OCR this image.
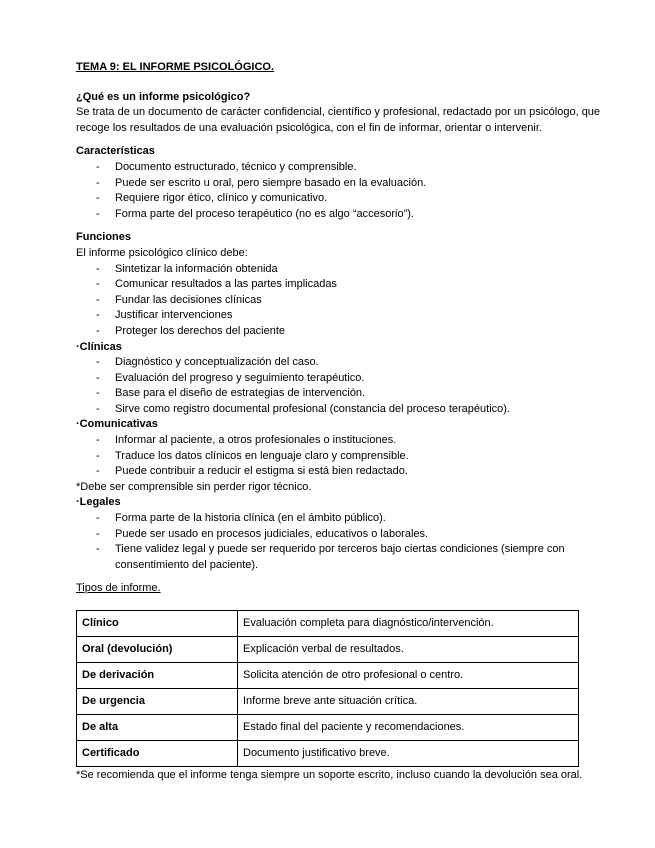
TEMA 9: EL INFORME PSICOLÓGICO.

¿Qué es un informe psicológico?

Se trata de un documento de carácter confidencial, científico y profesional, redactado por un psicólogo, que recoge los resultados de una evaluación psicológica, con el fin de informar, orientar o intervenir.

Características

- Documento estructurado, técnico y comprensible.
- Puede ser escrito u oral, pero siempre basado en la evaluación.
- Requiere rigor ético, clínico y comunicativo.
- Forma parte del proceso terapéutico (no es algo “accesorio”).

Funciones

El informe psicológico clínico debe:

- Sintetizar la información obtenida
- Comunicar resultados a las partes implicadas
- Fundar las decisiones clínicas
- Justificar intervenciones
- Proteger los derechos del paciente

·Clínicas

- Diagnóstico y conceptualización del caso.
- Evaluación del progreso y seguimiento terapéutico.
- Base para el diseño de estrategias de intervención.
- Sirve como registro documental profesional (constancia del proceso terapéutico).

·Comunicativas

- Informar al paciente, a otros profesionales o instituciones.
- Traduce los datos clínicos en lenguaje claro y comprensible.
- Puede contribuir a reducir el estigma si está bien redactado.

*Debe ser comprensible sin perder rigor técnico.

·Legales

- Forma parte de la historia clínica (en el ámbito público).
- Puede ser usado en procesos judiciales, educativos o laborales.
- Tiene validez legal y puede ser requerido por terceros bajo ciertas condiciones (siempre con consentimiento del paciente).

Tipos de informe.

Clínico	Evaluación completa para diagnóstico/intervención.
Oral (devolución)	Explicación verbal de resultados.
De derivación	Solicita atención de otro profesional o centro.
De urgencia	Informe breve ante situación crítica.
De alta	Estado final del paciente y recomendaciones.
Certificado	Documento justificativo breve.

*Se recomienda que el informe tenga siempre un soporte escrito, incluso cuando la devolución sea oral.
